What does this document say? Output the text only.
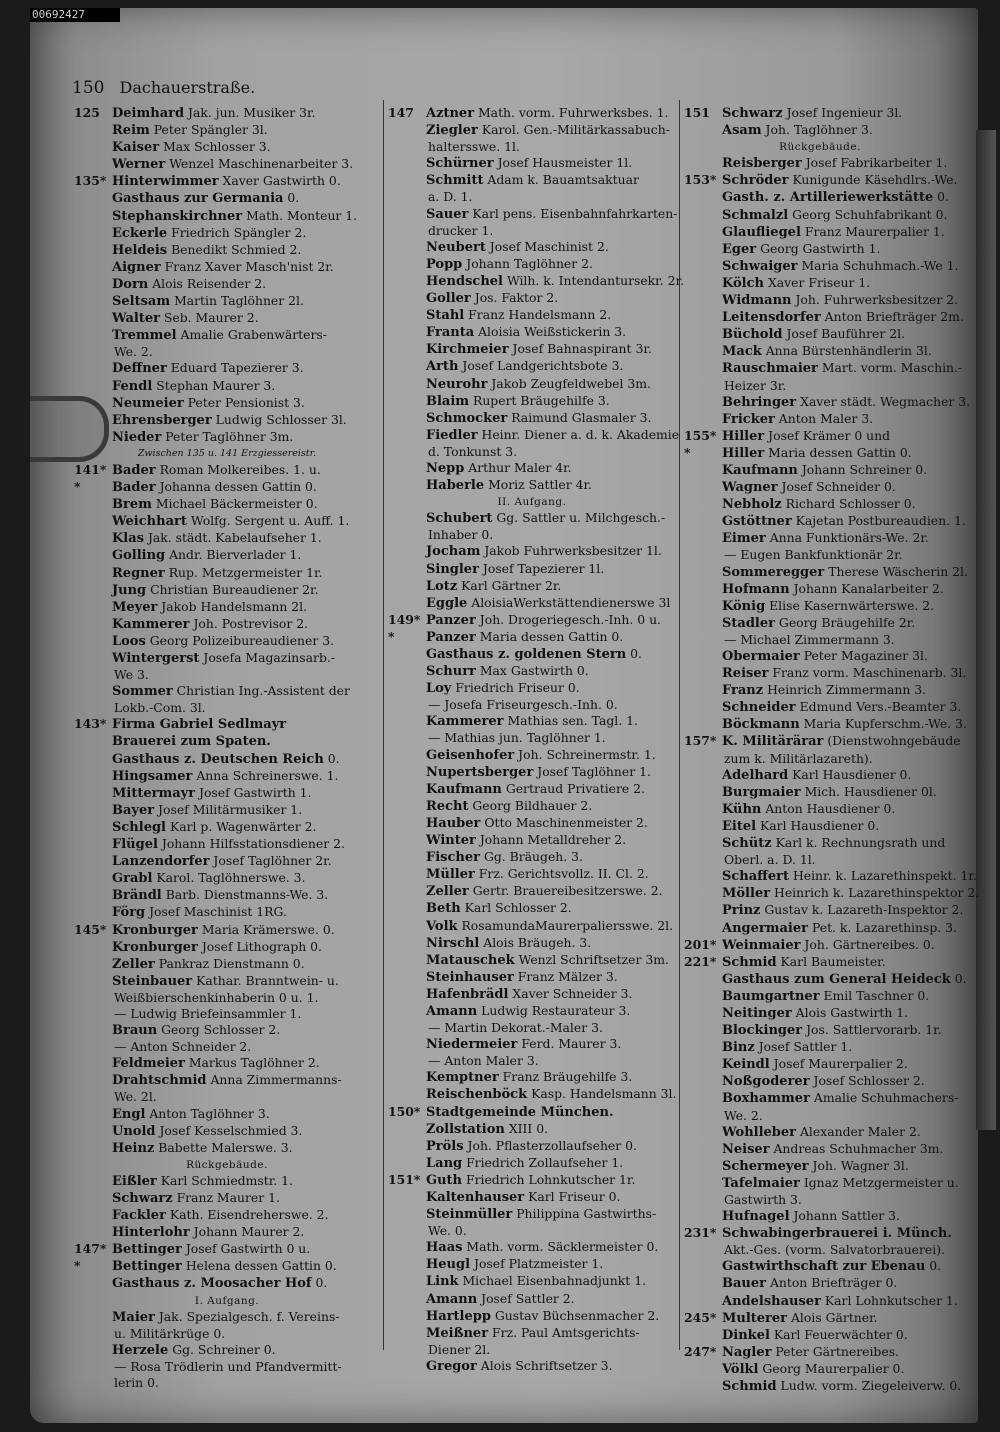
00692427
150 Dachauerstraße.
125 Deimhard Jak. jun. Musiker 3r.
Reim Peter Spängler 3l.
Kaiser Max Schlosser 3.
Werner Wenzel Maschinenarbeiter 3.
135* Hinterwimmer Xaver Gastwirth 0.
Gasthaus zur Germania 0.
Stephanskirchner Math. Monteur 1.
Eckerle Friedrich Spängler 2.
Heldeis Benedikt Schmied 2.
Aigner Franz Xaver Masch'nist 2r.
Dorn Alois Reisender 2.
Seltsam Martin Taglöhner 2l.
Walter Seb. Maurer 2.
Tremmel Amalie Grabenwärters-
We. 2.
Deffner Eduard Tapezierer 3.
Fendl Stephan Maurer 3.
Neumeier Peter Pensionist 3.
Ehrensberger Ludwig Schlosser 3l.
Nieder Peter Taglöhner 3m.
Zwischen 135 u. 141 Erzgiessereistr.
141* Bader Roman Molkereibes. 1. u.
* Bader Johanna dessen Gattin 0.
Brem Michael Bäckermeister 0.
Weichhart Wolfg. Sergent u. Auff. 1.
Klas Jak. städt. Kabelaufseher 1.
Golling Andr. Bierverlader 1.
Regner Rup. Metzgermeister 1r.
Jung Christian Bureaudiener 2r.
Meyer Jakob Handelsmann 2l.
Kammerer Joh. Postrevisor 2.
Loos Georg Polizeibureaudiener 3.
Wintergerst Josefa Magazinsarb.-
We 3.
Sommer Christian Ing.-Assistent der
Lokb.-Com. 3l.
143* Firma Gabriel Sedlmayr
Brauerei zum Spaten.
Gasthaus z. Deutschen Reich 0.
Hingsamer Anna Schreinerswe. 1.
Mittermayr Josef Gastwirth 1.
Bayer Josef Militärmusiker 1.
Schlegl Karl p. Wagenwärter 2.
Flügel Johann Hilfsstationsdiener 2.
Lanzendorfer Josef Taglöhner 2r.
Grabl Karol. Taglöhnerswe. 3.
Brändl Barb. Dienstmanns-We. 3.
Förg Josef Maschinist 1RG.
145* Kronburger Maria Krämerswe. 0.
Kronburger Josef Lithograph 0.
Zeller Pankraz Dienstmann 0.
Steinbauer Kathar. Branntwein- u.
Weißbierschenkinhaberin 0 u. 1.
— Ludwig Briefeinsammler 1.
Braun Georg Schlosser 2.
— Anton Schneider 2.
Feldmeier Markus Taglöhner 2.
Drahtschmid Anna Zimmermanns-
We. 2l.
Engl Anton Taglöhner 3.
Unold Josef Kesselschmied 3.
Heinz Babette Malerswe. 3.
Rückgebäude.
Eißler Karl Schmiedmstr. 1.
Schwarz Franz Maurer 1.
Fackler Kath. Eisendreherswe. 2.
Hinterlohr Johann Maurer 2.
147* Bettinger Josef Gastwirth 0 u.
* Bettinger Helena dessen Gattin 0.
Gasthaus z. Moosacher Hof 0.
I. Aufgang.
Maier Jak. Spezialgesch. f. Vereins-
u. Militärkrüge 0.
Herzele Gg. Schreiner 0.
— Rosa Trödlerin und Pfandvermitt-
lerin 0.
147 Aztner Math. vorm. Fuhrwerksbes. 1.
Ziegler Karol. Gen.-Militärkassabuch-
haltersswe. 1l.
Schürner Josef Hausmeister 1l.
Schmitt Adam k. Bauamtsaktuar
a. D. 1.
Sauer Karl pens. Eisenbahnfahrkarten-
drucker 1.
Neubert Josef Maschinist 2.
Popp Johann Taglöhner 2.
Hendschel Wilh. k. Intendantursekr. 2r.
Goller Jos. Faktor 2.
Stahl Franz Handelsmann 2.
Franta Aloisia Weißstickerin 3.
Kirchmeier Josef Bahnaspirant 3r.
Arth Josef Landgerichtsbote 3.
Neurohr Jakob Zeugfeldwebel 3m.
Blaim Rupert Bräugehilfe 3.
Schmocker Raimund Glasmaler 3.
Fiedler Heinr. Diener a. d. k. Akademie
d. Tonkunst 3.
Nepp Arthur Maler 4r.
Haberle Moriz Sattler 4r.
II. Aufgang.
Schubert Gg. Sattler u. Milchgesch.-
Inhaber 0.
Jocham Jakob Fuhrwerksbesitzer 1l.
Singler Josef Tapezierer 1l.
Lotz Karl Gärtner 2r.
Eggle AloisiaWerkstättendienerswe 3l
149* Panzer Joh. Drogeriegesch.-Inh. 0 u.
* Panzer Maria dessen Gattin 0.
Gasthaus z. goldenen Stern 0.
Schurr Max Gastwirth 0.
Loy Friedrich Friseur 0.
— Josefa Friseurgesch.-Inh. 0.
Kammerer Mathias sen. Tagl. 1.
— Mathias jun. Taglöhner 1.
Geisenhofer Joh. Schreinermstr. 1.
Nupertsberger Josef Taglöhner 1.
Kaufmann Gertraud Privatiere 2.
Recht Georg Bildhauer 2.
Hauber Otto Maschinenmeister 2.
Winter Johann Metalldreher 2.
Fischer Gg. Bräugeh. 3.
Müller Frz. Gerichtsvollz. II. Cl. 2.
Zeller Gertr. Brauereibesitzerswe. 2.
Beth Karl Schlosser 2.
Volk RosamundaMaurerpaliersswe. 2l.
Nirschl Alois Bräugeh. 3.
Matauschek Wenzl Schriftsetzer 3m.
Steinhauser Franz Mälzer 3.
Hafenbrädl Xaver Schneider 3.
Amann Ludwig Restaurateur 3.
— Martin Dekorat.-Maler 3.
Niedermeier Ferd. Maurer 3.
— Anton Maler 3.
Kemptner Franz Bräugehilfe 3.
Reischenböck Kasp. Handelsmann 3l.
150* Stadtgemeinde München.
Zollstation XIII 0.
Pröls Joh. Pflasterzollaufseher 0.
Lang Friedrich Zollaufseher 1.
151* Guth Friedrich Lohnkutscher 1r.
Kaltenhauser Karl Friseur 0.
Steinmüller Philippina Gastwirths-
We. 0.
Haas Math. vorm. Säcklermeister 0.
Heugl Josef Platzmeister 1.
Link Michael Eisenbahnadjunkt 1.
Amann Josef Sattler 2.
Hartlepp Gustav Büchsenmacher 2.
Meißner Frz. Paul Amtsgerichts-
Diener 2l.
Gregor Alois Schriftsetzer 3.
151 Schwarz Josef Ingenieur 3l.
Asam Joh. Taglöhner 3.
Rückgebäude.
Reisberger Josef Fabrikarbeiter 1.
153* Schröder Kunigunde Käsehdlrs.-We.
Gasth. z. Artilleriewerkstätte 0.
Schmalzl Georg Schuhfabrikant 0.
Glaufliegel Franz Maurerpalier 1.
Eger Georg Gastwirth 1.
Schwaiger Maria Schuhmach.-We 1.
Kölch Xaver Friseur 1.
Widmann Joh. Fuhrwerksbesitzer 2.
Leitensdorfer Anton Briefträger 2m.
Büchold Josef Bauführer 2l.
Mack Anna Bürstenhändlerin 3l.
Rauschmaier Mart. vorm. Maschin.-
Heizer 3r.
Behringer Xaver städt. Wegmacher 3.
Fricker Anton Maler 3.
155* Hiller Josef Krämer 0 und
* Hiller Maria dessen Gattin 0.
Kaufmann Johann Schreiner 0.
Wagner Josef Schneider 0.
Nebholz Richard Schlosser 0.
Gstöttner Kajetan Postbureaudien. 1.
Eimer Anna Funktionärs-We. 2r.
— Eugen Bankfunktionär 2r.
Sommeregger Therese Wäscherin 2l.
Hofmann Johann Kanalarbeiter 2.
König Elise Kasernwärterswe. 2.
Stadler Georg Bräugehilfe 2r.
— Michael Zimmermann 3.
Obermaier Peter Magaziner 3l.
Reiser Franz vorm. Maschinenarb. 3l.
Franz Heinrich Zimmermann 3.
Schneider Edmund Vers.-Beamter 3.
Böckmann Maria Kupferschm.-We. 3.
157* K. Militärärar (Dienstwohngebäude
zum k. Militärlazareth).
Adelhard Karl Hausdiener 0.
Burgmaier Mich. Hausdiener 0l.
Kühn Anton Hausdiener 0.
Eitel Karl Hausdiener 0.
Schütz Karl k. Rechnungsrath und
Oberl. a. D. 1l.
Schaffert Heinr. k. Lazarethinspekt. 1r.
Möller Heinrich k. Lazarethinspektor 2.
Prinz Gustav k. Lazareth-Inspektor 2.
Angermaier Pet. k. Lazarethinsp. 3.
201* Weinmaier Joh. Gärtnereibes. 0.
221* Schmid Karl Baumeister.
Gasthaus zum General Heideck 0.
Baumgartner Emil Taschner 0.
Neitinger Alois Gastwirth 1.
Blockinger Jos. Sattlervorarb. 1r.
Binz Josef Sattler 1.
Keindl Josef Maurerpalier 2.
Noßgoderer Josef Schlosser 2.
Boxhammer Amalie Schuhmachers-
We. 2.
Wohlleber Alexander Maler 2.
Neiser Andreas Schuhmacher 3m.
Schermeyer Joh. Wagner 3l.
Tafelmaier Ignaz Metzgermeister u.
Gastwirth 3.
Hufnagel Johann Sattler 3.
231* Schwabingerbrauerei i. Münch.
Akt.-Ges. (vorm. Salvatorbrauerei).
Gastwirthschaft zur Ebenau 0.
Bauer Anton Briefträger 0.
Andelshauser Karl Lohnkutscher 1.
245* Multerer Alois Gärtner.
Dinkel Karl Feuerwächter 0.
247* Nagler Peter Gärtnereibes.
Völkl Georg Maurerpalier 0.
Schmid Ludw. vorm. Ziegeleiverw. 0.
